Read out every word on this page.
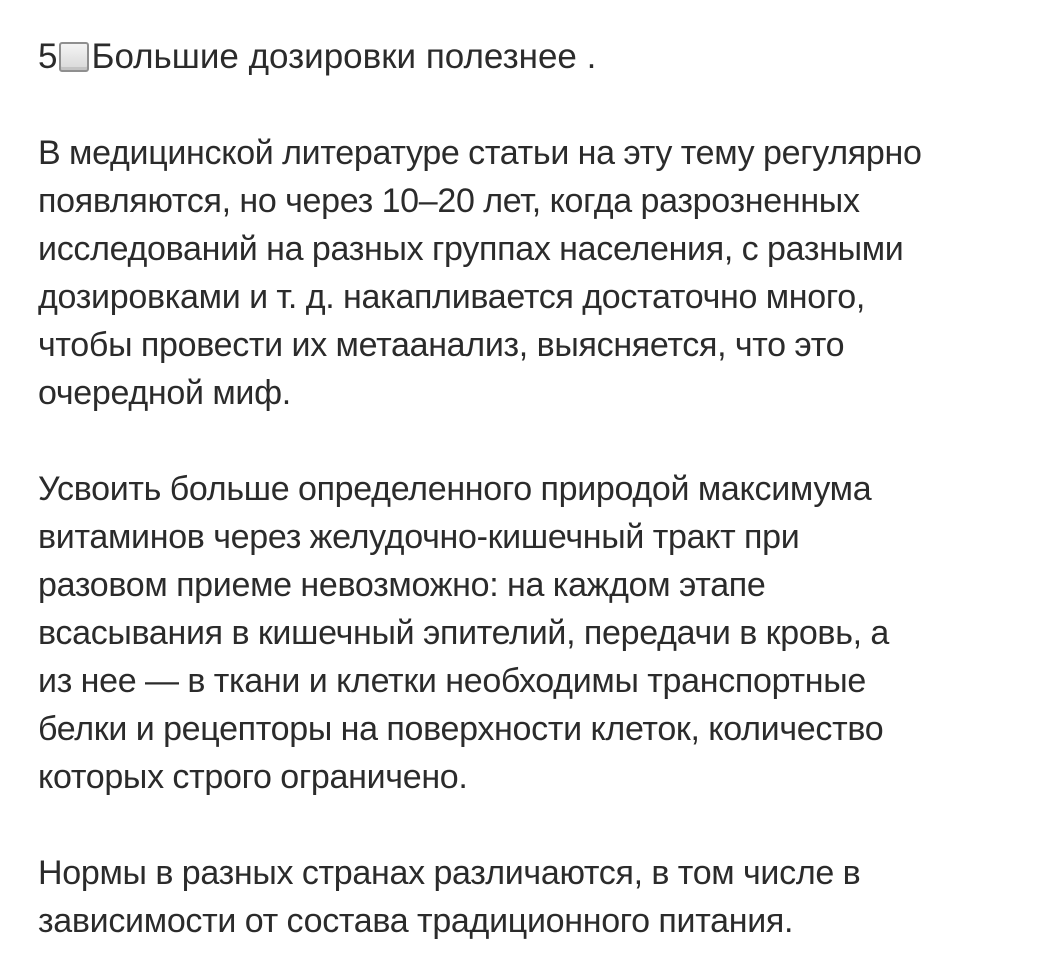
5 Большие дозировки полезнее .
В медицинской литературе статьи на эту тему регулярно
появляются, но через 10–20 лет, когда разрозненных
исследований на разных группах населения, с разными
дозировками и т. д. накапливается достаточно много,
чтобы провести их метаанализ, выясняется, что это
очередной миф.
Усвоить больше определенного природой максимума
витаминов через желудочно-кишечный тракт при
разовом приеме невозможно: на каждом этапе
всасывания в кишечный эпителий, передачи в кровь, а
из нее — в ткани и клетки необходимы транспортные
белки и рецепторы на поверхности клеток, количество
которых строго ограничено.
Нормы в разных странах различаются, в том числе в
зависимости от состава традиционного питания.
